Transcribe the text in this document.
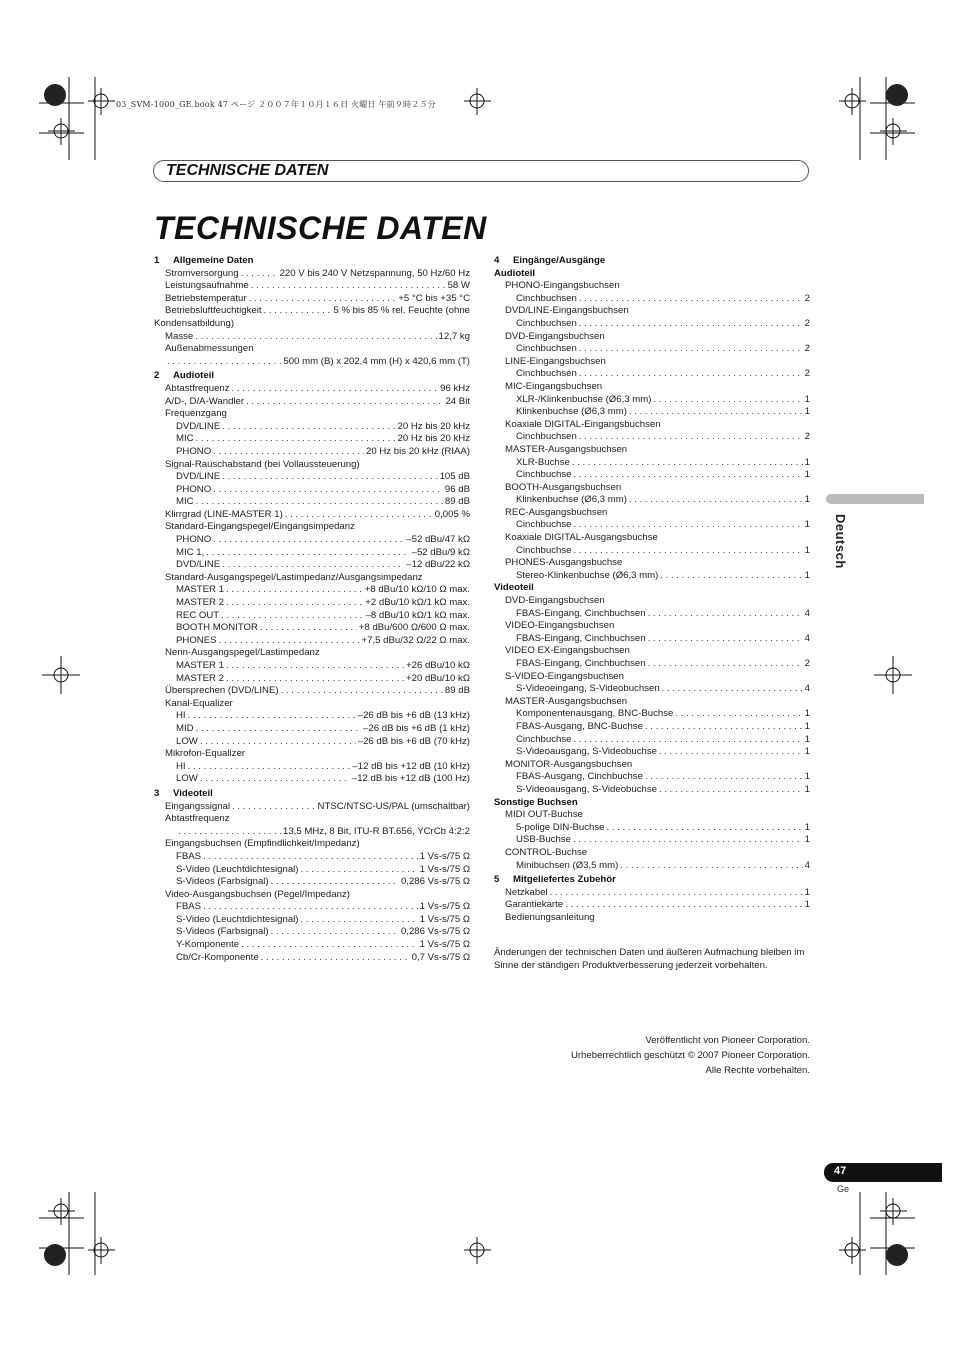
03_SVM-1000_GE.book 47 ページ ２００７年１０月１６日 火曜日 午前９時２５分
TECHNISCHE DATEN
TECHNISCHE DATEN
1 Allgemeine Daten
Stromversorgung . . .	220 V bis 240 V Netzspannung, 50 Hz/60 Hz
Leistungsaufnahme . . .	58 W
Betriebstemperatur . . .	+5 °C bis +35 °C
Betriebsluftfeuchtigkeit . . .	5 % bis 85 % rel. Feuchte (ohne
Kondensatbildung)
Masse . . .	12,7 kg
Außenabmessungen
. . .
500 mm (B) x 202,4 mm (H) x 420,6 mm (T)
2 Audioteil
Abtastfrequenz . . .	96 kHz
A/D-, D/A-Wandler . . .	24 Bit
Frequenzgang
DVD/LINE . . .	20 Hz bis 20 kHz
MIC . . .	20 Hz bis 20 kHz
PHONO . . .	20 Hz bis 20 kHz (RIAA)
Signal-Rauschabstand (bei Vollaussteuerung)
DVD/LINE . . .	105 dB
PHONO . . .	96 dB
MIC . . .	89 dB
Klirrgrad (LINE-MASTER 1) . . .	0,005 %
Standard-Eingangspegel/Eingangsimpedanz
PHONO . . .	–52 dBu/47 kΩ
MIC 1, . . .	–52 dBu/9 kΩ
DVD/LINE . . .	–12 dBu/22 kΩ
Standard-Ausgangspegel/Lastimpedanz/Ausgangsimpedanz
MASTER 1 . . .	+8 dBu/10 kΩ/10 Ω max.
MASTER 2 . . .	+2 dBu/10 kΩ/1 kΩ max.
REC OUT . . .	–8 dBu/10 kΩ/1 kΩ max.
BOOTH MONITOR . . .	+8 dBu/600 Ω/600 Ω max.
PHONES . . .	+7,5 dBu/32 Ω/22 Ω max.
Nenn-Ausgangspegel/Lastimpedanz
MASTER 1 . . .	+26 dBu/10 kΩ
MASTER 2 . . .	+20 dBu/10 kΩ
Übersprechen (DVD/LINE) . . .	89 dB
Kanal-Equalizer
HI . . .	–26 dB bis +6 dB (13 kHz)
MID . . .	–26 dB bis +6 dB (1 kHz)
LOW . . .	–26 dB bis +6 dB (70 kHz)
Mikrofon-Equalizer
HI . . .	–12 dB bis +12 dB (10 kHz)
LOW . . .	–12 dB bis +12 dB (100 Hz)
3 Videoteil
Eingangssignal . . .	NTSC/NTSC-US/PAL (umschaltbar)
Abtastfrequenz
. . .
13,5 MHz, 8 Bit, ITU-R BT.656, YCrCb 4:2:2
Eingangsbuchsen (Empfindlichkeit/Impedanz)
FBAS . . .	1 Vs-s/75 Ω
S-Video (Leuchtdichtesignal) . . .	1 Vs-s/75 Ω
S-Videos (Farbsignal) . . .	0,286 Vs-s/75 Ω
Video-Ausgangsbuchsen (Pegel/Impedanz)
FBAS . . .	1 Vs-s/75 Ω
S-Video (Leuchtdichtesignal) . . .	1 Vs-s/75 Ω
S-Videos (Farbsignal) . . .	0,286 Vs-s/75 Ω
Y-Komponente . . .	1 Vs-s/75 Ω
Cb/Cr-Komponente . . .	0,7 Vs-s/75 Ω
4 Eingänge/Ausgänge
Audioteil
PHONO-Eingangsbuchsen
Cinchbuchsen . . .	2
DVD/LINE-Eingangsbuchsen
Cinchbuchsen . . .	2
DVD-Eingangsbuchsen
Cinchbuchsen . . .	2
LINE-Eingangsbuchsen
Cinchbuchsen . . .	2
MIC-Eingangsbuchsen
XLR-/Klinkenbuchse (Ø6,3 mm) . . .	1
Klinkenbuchse (Ø6,3 mm) . . .	1
Koaxiale DIGITAL-Eingangsbuchsen
Cinchbuchsen . . .	2
MASTER-Ausgangsbuchsen
XLR-Buchse . . .	1
Cinchbuchse . . .	1
BOOTH-Ausgangsbuchsen
Klinkenbuchse (Ø6,3 mm) . . .	1
REC-Ausgangsbuchsen
Cinchbuchse . . .	1
Koaxiale DIGITAL-Ausgangsbuchse
Cinchbuchse . . .	1
PHONES-Ausgangsbuchse
Stereo-Klinkenbuchse (Ø6,3 mm) . . .	1
Videoteil
DVD-Eingangsbuchsen
FBAS-Eingang, Cinchbuchsen . . .	4
VIDEO-Eingangsbuchsen
FBAS-Eingang, Cinchbuchsen . . .	4
VIDEO EX-Eingangsbuchsen
FBAS-Eingang, Cinchbuchsen . . .	2
S-VIDEO-Eingangsbuchsen
S-Videoeingang, S-Videobuchsen . . .	4
MASTER-Ausgangsbuchsen
Komponentenausgang, BNC-Buchse . . .	1
FBAS-Ausgang, BNC-Buchse . . .	1
Cinchbuchse . . .	1
S-Videoausgang, S-Videobuchse . . .	1
MONITOR-Ausgangsbuchsen
FBAS-Ausgang, Cinchbuchse . . .	1
S-Videoausgang, S-Videobuchse . . .	1
Sonstige Buchsen
MIDI OUT-Buchse
5-polige DIN-Buchse . . .	1
USB-Buchse . . .	1
CONTROL-Buchse
Minibuchsen (Ø3,5 mm) . . .	4
5 Mitgeliefertes Zubehör
Netzkabel . . .	1
Garantiekarte . . .	1
Bedienungsanleitung
Änderungen der technischen Daten und äußeren Aufmachung bleiben im Sinne der ständigen Produktverbesserung jederzeit vorbehalten.
Veröffentlicht von Pioneer Corporation.
Urheberrechtlich geschützt © 2007 Pioneer Corporation.
Alle Rechte vorbehalten.
Deutsch
47
Ge
